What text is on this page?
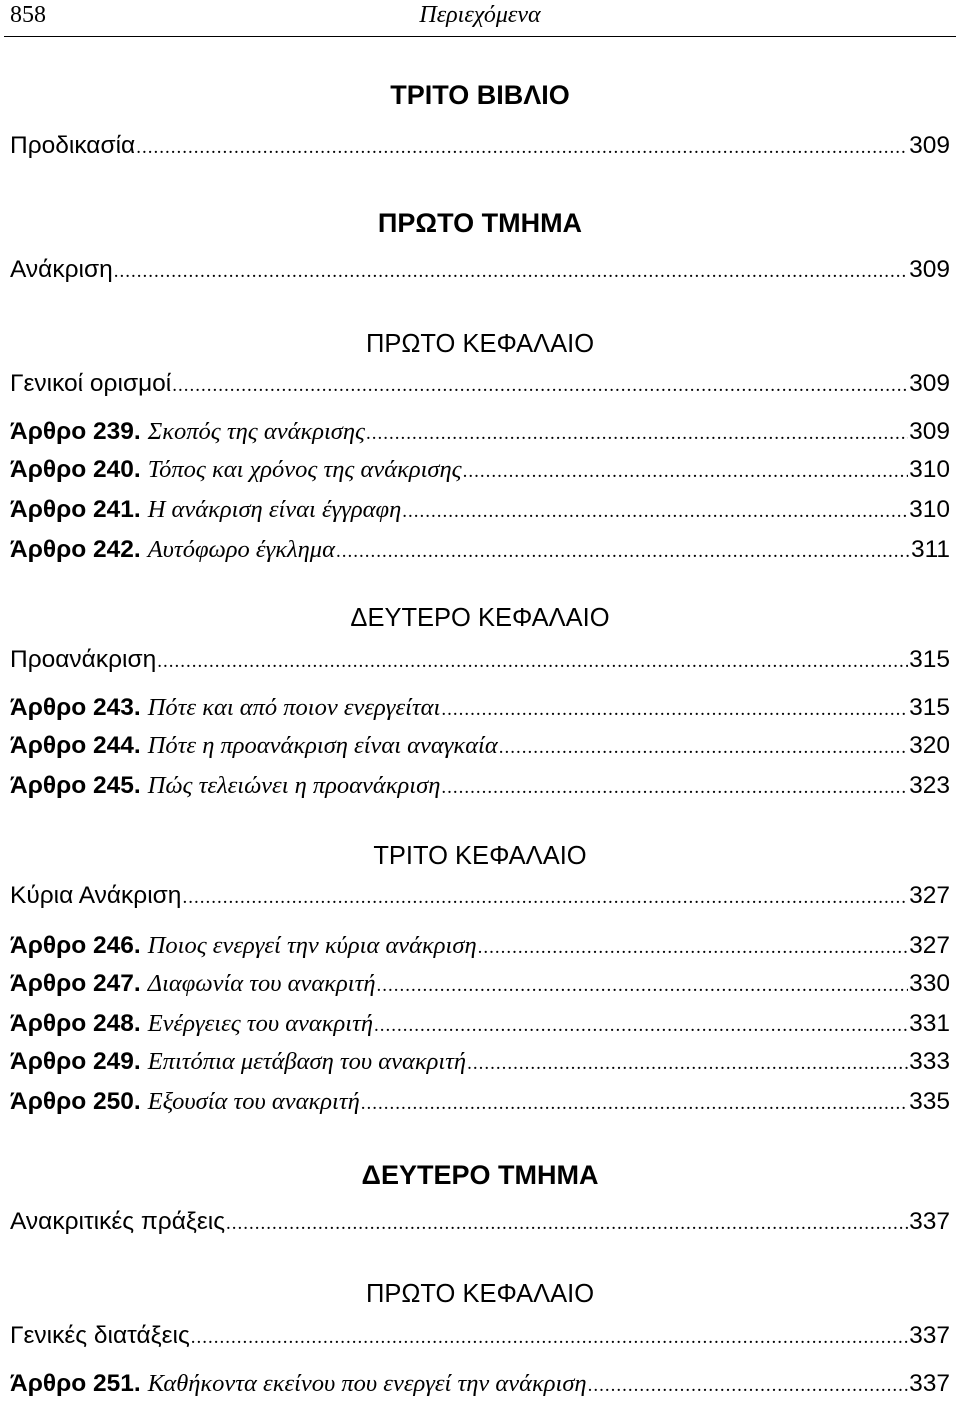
858	Περιεχόμενα
ΤΡΙΤΟ ΒΙΒΛΙΟ
Προδικασία .....	309
ΠΡΩΤΟ ΤΜΗΜΑ
Ανάκριση .....	309
ΠΡΩΤΟ ΚΕΦΑΛΑΙΟ
Γενικοί ορισμοί .....	309
Άρθρο 239. Σκοπός της ανάκρισης .....	309
Άρθρο 240. Τόπος και χρόνος της ανάκρισης .....	310
Άρθρο 241. Η ανάκριση είναι έγγραφη .....	310
Άρθρο 242. Αυτόφωρο έγκλημα .....	311
ΔΕΥΤΕΡΟ ΚΕΦΑΛΑΙΟ
Προανάκριση .....	315
Άρθρο 243. Πότε και από ποιον ενεργείται .....	315
Άρθρο 244. Πότε η προανάκριση είναι αναγκαία .....	320
Άρθρο 245. Πώς τελειώνει η προανάκριση .....	323
ΤΡΙΤΟ ΚΕΦΑΛΑΙΟ
Κύρια Ανάκριση .....	327
Άρθρο 246. Ποιος ενεργεί την κύρια ανάκριση .....	327
Άρθρο 247. Διαφωνία του ανακριτή .....	330
Άρθρο 248. Ενέργειες του ανακριτή .....	331
Άρθρο 249. Επιτόπια μετάβαση του ανακριτή .....	333
Άρθρο 250. Εξουσία του ανακριτή .....	335
ΔΕΥΤΕΡΟ ΤΜΗΜΑ
Ανακριτικές πράξεις .....	337
ΠΡΩΤΟ ΚΕΦΑΛΑΙΟ
Γενικές διατάξεις .....	337
Άρθρο 251. Καθήκοντα εκείνου που ενεργεί την ανάκριση .....	337
